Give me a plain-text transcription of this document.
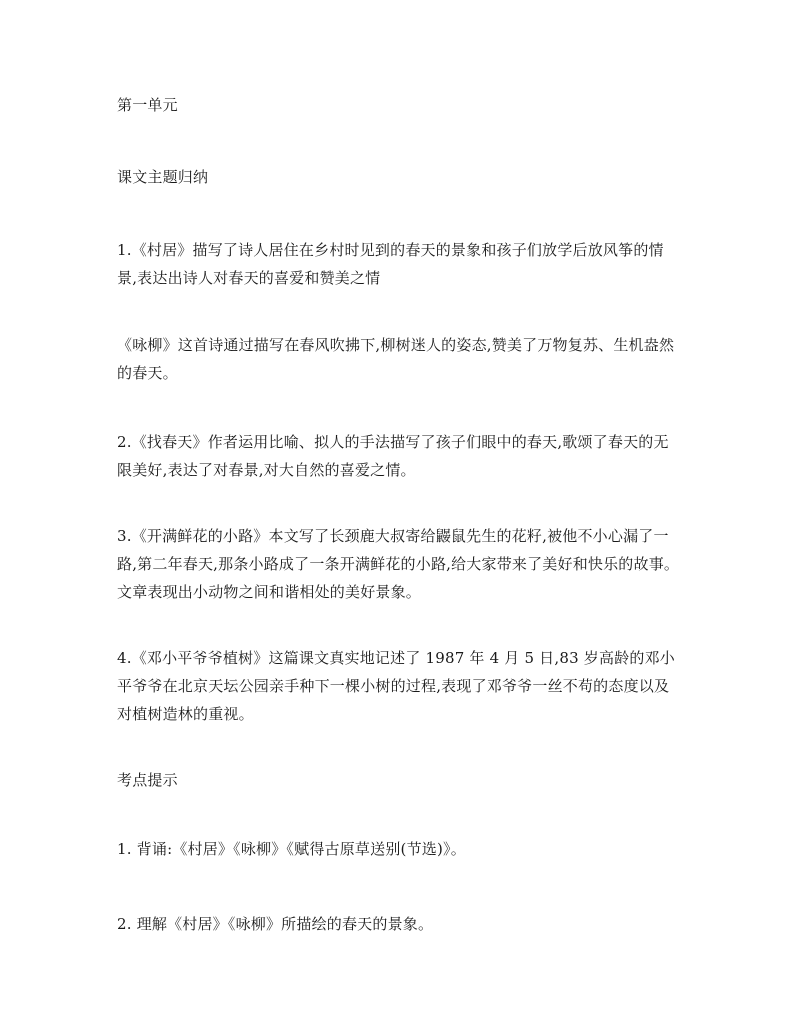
第一单元

课文主题归纳

1.《村居》描写了诗人居住在乡村时见到的春天的景象和孩子们放学后放风筝的情景,表达出诗人对春天的喜爱和赞美之情

《咏柳》这首诗通过描写在春风吹拂下,柳树迷人的姿态,赞美了万物复苏、生机盎然的春天。

2.《找春天》作者运用比喻、拟人的手法描写了孩子们眼中的春天,歌颂了春天的无限美好,表达了对春景,对大自然的喜爱之情。

3.《开满鲜花的小路》本文写了长颈鹿大叔寄给鼹鼠先生的花籽,被他不小心漏了一路,第二年春天,那条小路成了一条开满鲜花的小路,给大家带来了美好和快乐的故事。文章表现出小动物之间和谐相处的美好景象。

4.《邓小平爷爷植树》这篇课文真实地记述了 1987 年 4 月 5 日,83 岁高龄的邓小平爷爷在北京天坛公园亲手种下一棵小树的过程,表现了邓爷爷一丝不苟的态度以及对植树造林的重视。

考点提示

1. 背诵:《村居》《咏柳》《赋得古原草送别(节选)》。

2. 理解《村居》《咏柳》所描绘的春天的景象。
